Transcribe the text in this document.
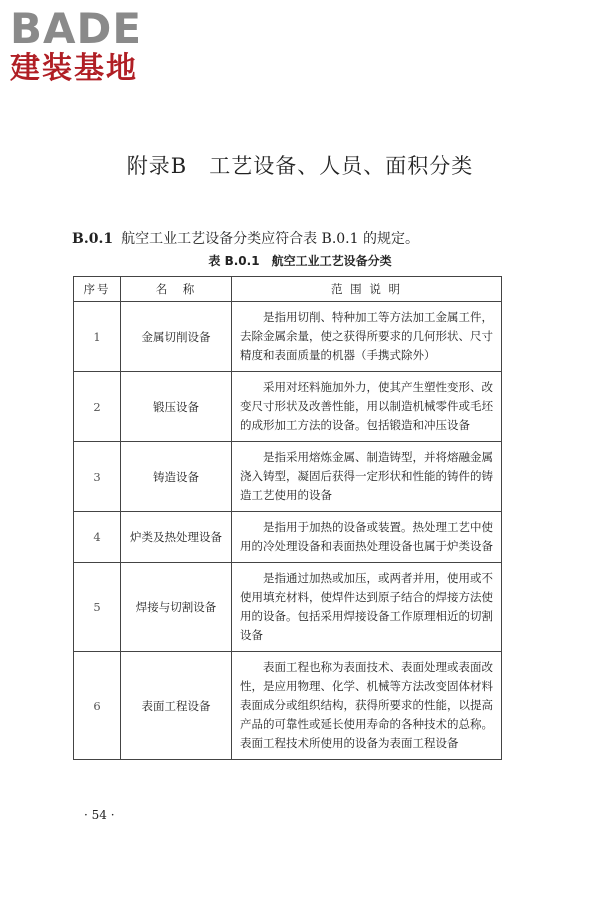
BADE
建装基地
附录B　工艺设备、人员、面积分类
B.0.1 航空工业工艺设备分类应符合表 B.0.1 的规定。
表 B.0.1　航空工业工艺设备分类
序号	名　称	范 围 说 明
1	金属切削设备	是指用切削、特种加工等方法加工金属工件，去除金属余量，使之获得所要求的几何形状、尺寸精度和表面质量的机器（手携式除外）
2	锻压设备	采用对坯料施加外力，使其产生塑性变形、改变尺寸形状及改善性能，用以制造机械零件或毛坯的成形加工方法的设备。包括锻造和冲压设备
3	铸造设备	是指采用熔炼金属、制造铸型，并将熔融金属浇入铸型，凝固后获得一定形状和性能的铸件的铸造工艺使用的设备
4	炉类及热处理设备	是指用于加热的设备或装置。热处理工艺中使用的冷处理设备和表面热处理设备也属于炉类设备
5	焊接与切割设备	是指通过加热或加压，或两者并用，使用或不使用填充材料，使焊件达到原子结合的焊接方法使用的设备。包括采用焊接设备工作原理相近的切割设备
6	表面工程设备	表面工程也称为表面技术、表面处理或表面改性，是应用物理、化学、机械等方法改变固体材料表面成分或组织结构，获得所要求的性能，以提高产品的可靠性或延长使用寿命的各种技术的总称。表面工程技术所使用的设备为表面工程设备
· 54 ·
